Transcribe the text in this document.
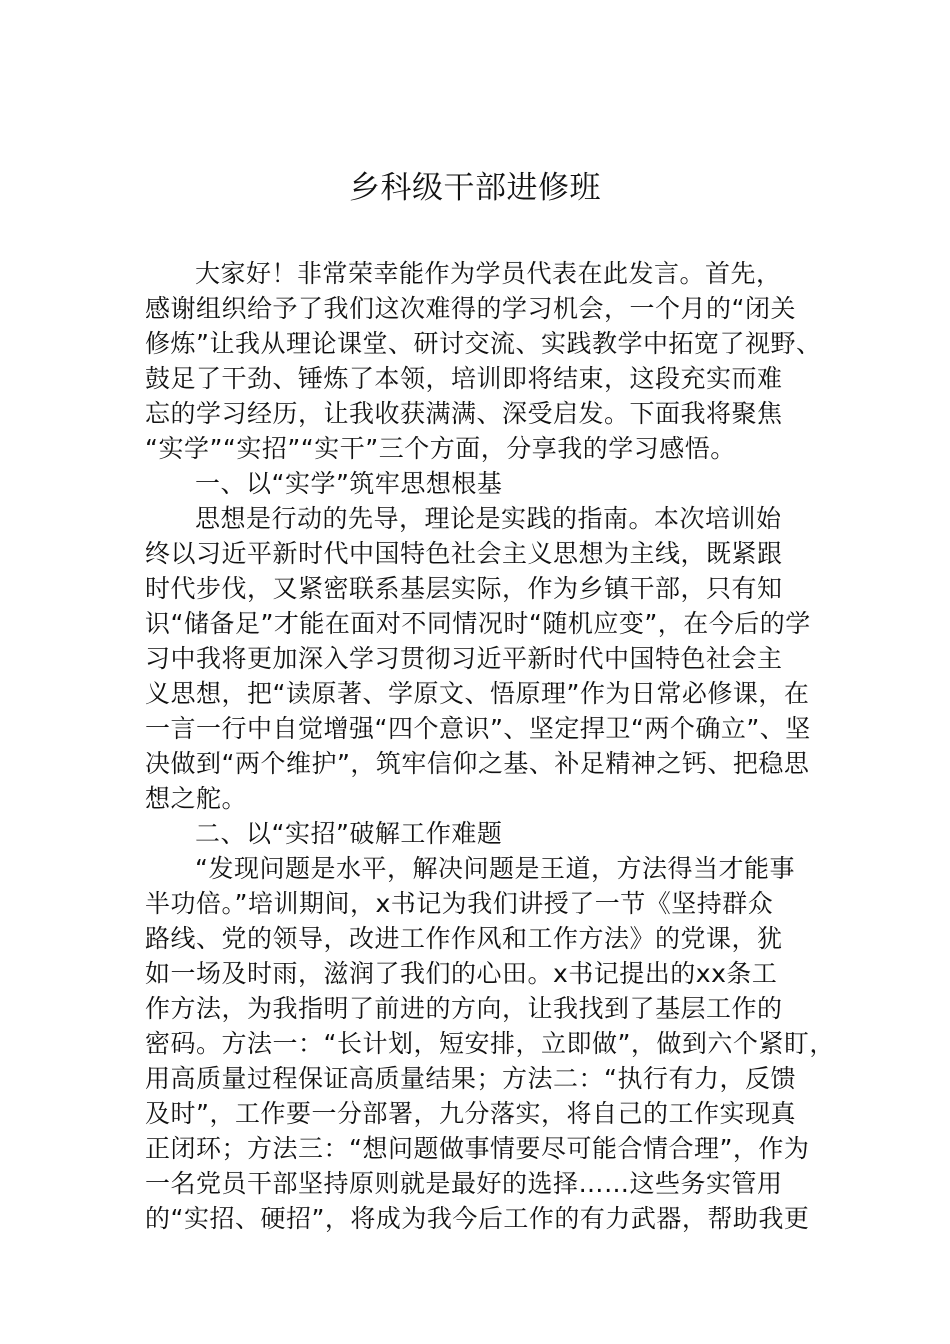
乡科级干部进修班
大家好！非常荣幸能作为学员代表在此发言。首先，
感谢组织给予了我们这次难得的学习机会，一个月的“闭关
修炼”让我从理论课堂、研讨交流、实践教学中拓宽了视野、
鼓足了干劲、锤炼了本领，培训即将结束，这段充实而难
忘的学习经历，让我收获满满、深受启发。下面我将聚焦
“实学”“实招”“实干”三个方面，分享我的学习感悟。
一、以“实学”筑牢思想根基
思想是行动的先导，理论是实践的指南。本次培训始
终以习近平新时代中国特色社会主义思想为主线，既紧跟
时代步伐，又紧密联系基层实际，作为乡镇干部，只有知
识“储备足”才能在面对不同情况时“随机应变”，在今后的学
习中我将更加深入学习贯彻习近平新时代中国特色社会主
义思想，把“读原著、学原文、悟原理”作为日常必修课，在
一言一行中自觉增强“四个意识”、坚定捍卫“两个确立”、坚
决做到“两个维护”，筑牢信仰之基、补足精神之钙、把稳思
想之舵。
二、以“实招”破解工作难题
“发现问题是水平，解决问题是王道，方法得当才能事
半功倍。”培训期间，x书记为我们讲授了一节《坚持群众
路线、党的领导，改进工作作风和工作方法》的党课，犹
如一场及时雨，滋润了我们的心田。x书记提出的xx条工
作方法，为我指明了前进的方向，让我找到了基层工作的
密码。方法一：“长计划，短安排，立即做”，做到六个紧盯，
用高质量过程保证高质量结果；方法二：“执行有力，反馈
及时”，工作要一分部署，九分落实，将自己的工作实现真
正闭环；方法三：“想问题做事情要尽可能合情合理”，作为
一名党员干部坚持原则就是最好的选择……这些务实管用
的“实招、硬招”，将成为我今后工作的有力武器，帮助我更
